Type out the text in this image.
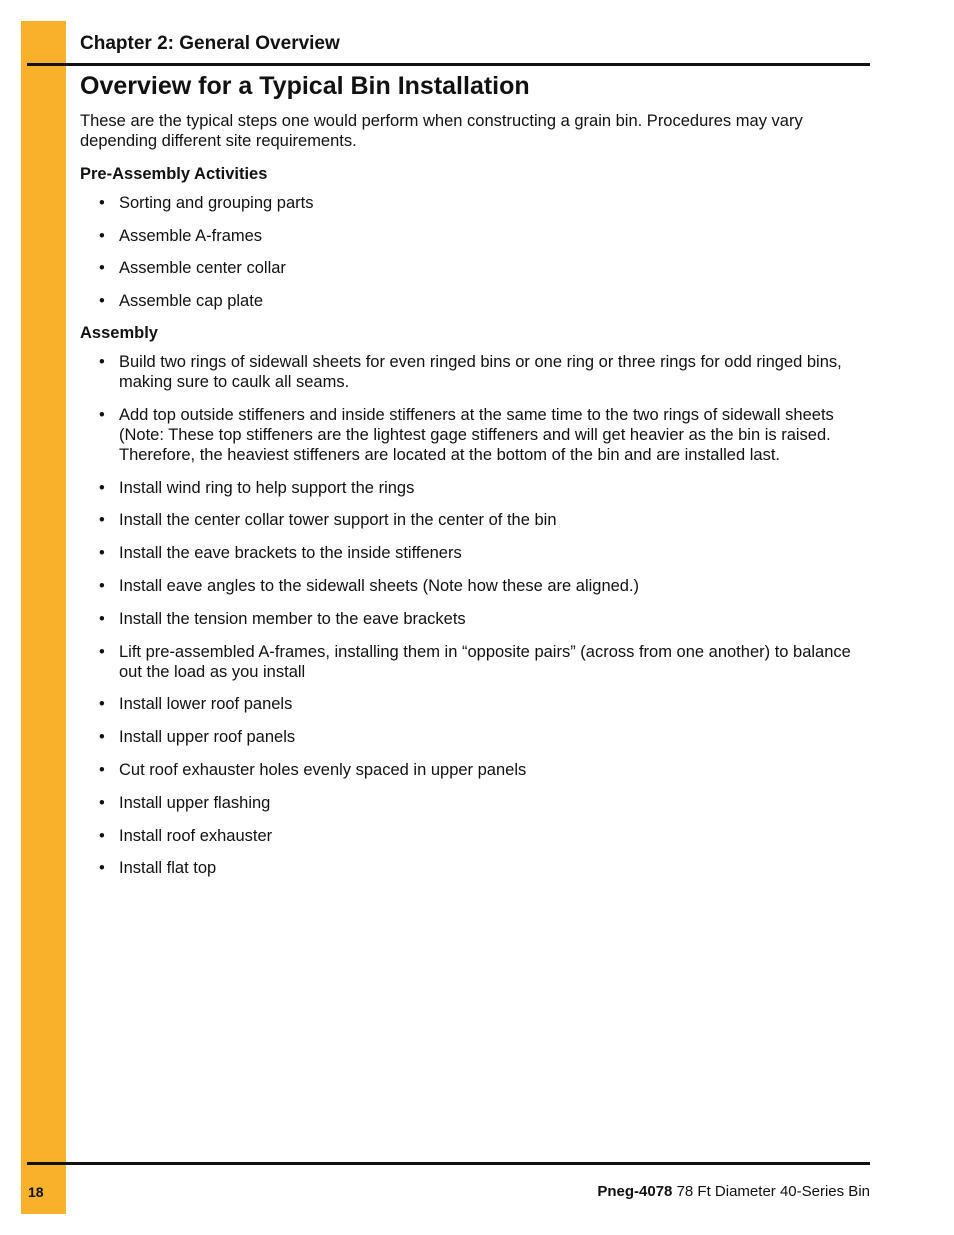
Chapter 2: General Overview
Overview for a Typical Bin Installation

These are the typical steps one would perform when constructing a grain bin. Procedures may vary depending different site requirements.

Pre-Assembly Activities
• Sorting and grouping parts
• Assemble A-frames
• Assemble center collar
• Assemble cap plate
Assembly
• Build two rings of sidewall sheets for even ringed bins or one ring or three rings for odd ringed bins, making sure to caulk all seams.
• Add top outside stiffeners and inside stiffeners at the same time to the two rings of sidewall sheets (Note: These top stiffeners are the lightest gage stiffeners and will get heavier as the bin is raised. Therefore, the heaviest stiffeners are located at the bottom of the bin and are installed last.
• Install wind ring to help support the rings
• Install the center collar tower support in the center of the bin
• Install the eave brackets to the inside stiffeners
• Install eave angles to the sidewall sheets (Note how these are aligned.)
• Install the tension member to the eave brackets
• Lift pre-assembled A-frames, installing them in “opposite pairs” (across from one another) to balance out the load as you install
• Install lower roof panels
• Install upper roof panels
• Cut roof exhauster holes evenly spaced in upper panels
• Install upper flashing
• Install roof exhauster
• Install flat top
18	Pneg-4078 78 Ft Diameter 40-Series Bin
